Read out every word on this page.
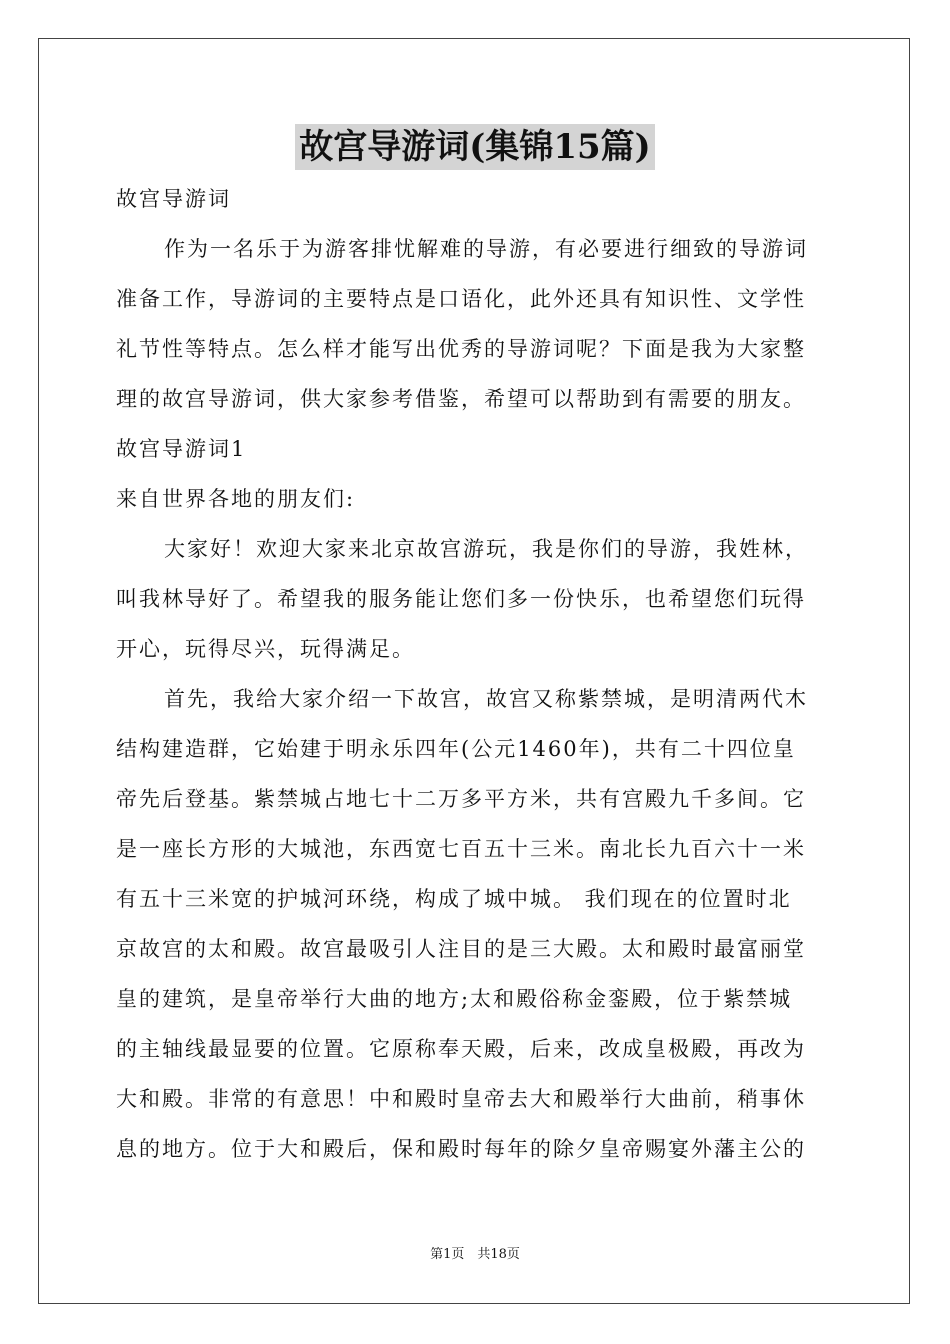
故宫导游词(集锦15篇)
故宫导游词
作为一名乐于为游客排忧解难的导游，有必要进行细致的导游词
准备工作，导游词的主要特点是口语化，此外还具有知识性、文学性
礼节性等特点。怎么样才能写出优秀的导游词呢？下面是我为大家整
理的故宫导游词，供大家参考借鉴，希望可以帮助到有需要的朋友。
故宫导游词1
来自世界各地的朋友们:
大家好！欢迎大家来北京故宫游玩，我是你们的导游，我姓林，
叫我林导好了。希望我的服务能让您们多一份快乐，也希望您们玩得
开心，玩得尽兴，玩得满足。
首先，我给大家介绍一下故宫，故宫又称紫禁城，是明清两代木
结构建造群，它始建于明永乐四年(公元1460年)，共有二十四位皇
帝先后登基。紫禁城占地七十二万多平方米，共有宫殿九千多间。它
是一座长方形的大城池，东西宽七百五十三米。南北长九百六十一米
有五十三米宽的护城河环绕，构成了城中城。 我们现在的位置时北
京故宫的太和殿。故宫最吸引人注目的是三大殿。太和殿时最富丽堂
皇的建筑，是皇帝举行大曲的地方;太和殿俗称金銮殿，位于紫禁城
的主轴线最显要的位置。它原称奉天殿，后来，改成皇极殿，再改为
大和殿。非常的有意思！中和殿时皇帝去大和殿举行大曲前，稍事休
息的地方。位于大和殿后，保和殿时每年的除夕皇帝赐宴外藩主公的
第1页　共18页
